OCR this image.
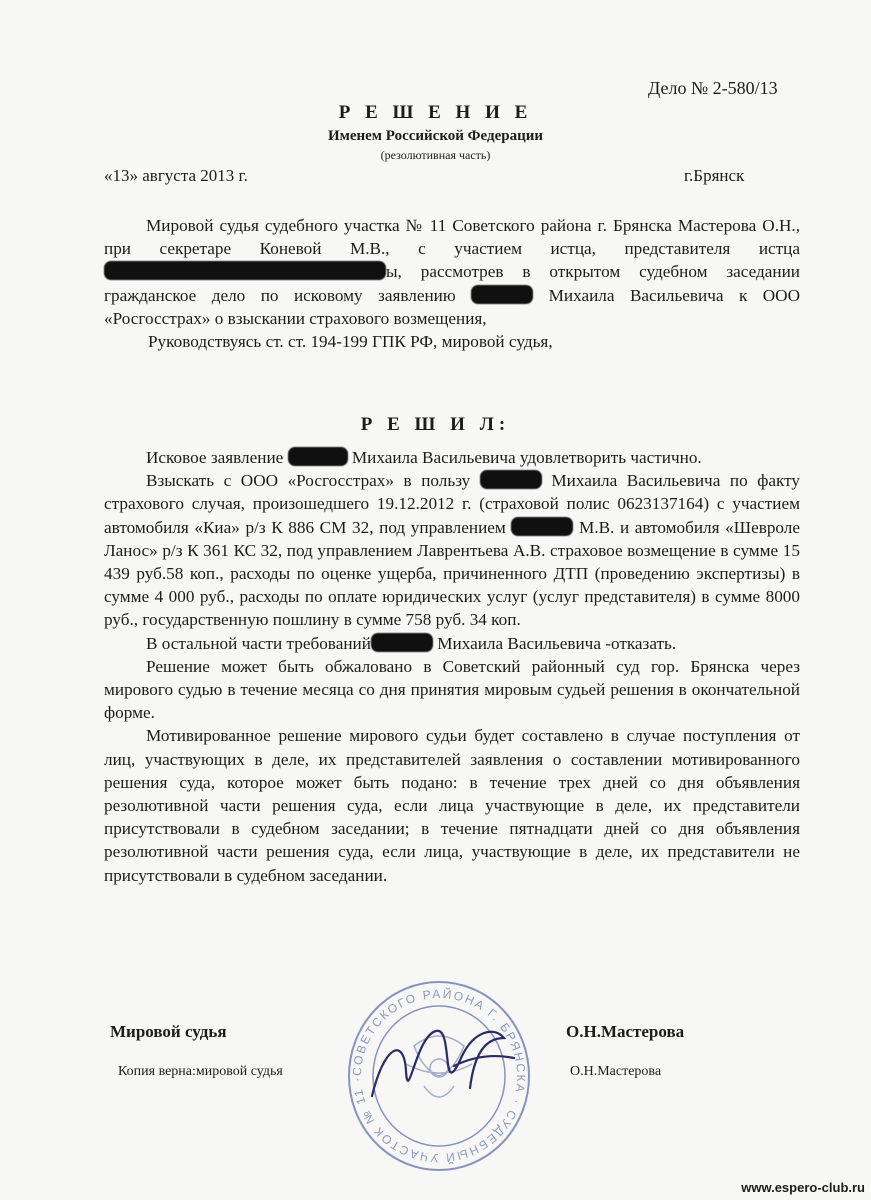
Дело № 2-580/13
Р Е Ш Е Н И Е
Именем Российской Федерации
(резолютивная часть)
«13» августа 2013 г.	г.Брянск

Мировой судья судебного участка № 11 Советского района г. Брянска Мастерова О.Н., при секретаре Коневой М.В., с участием истца, представителя истца ы, рассмотрев в открытом судебном заседании гражданское дело по исковому заявлению	Михаила Васильевича к ООО «Росгосстрах» о взыскании страхового возмещения,

Руководствуясь ст. ст. 194-199 ГПК РФ, мировой судья,

Р Е Ш И Л:

Исковое заявление	Михаила Васильевича удовлетворить частично.

Взыскать с ООО «Росгосстрах» в пользу	Михаила Васильевича по факту страхового случая, произошедшего 19.12.2012 г. (страховой полис 0623137164) с участием автомобиля «Киа» р/з К 886 СМ 32, под управлением	М.В. и автомобиля «Шевроле Ланос» р/з К 361 КС 32, под управлением Лаврентьева А.В. страховое возмещение в сумме 15 439 руб.58 коп., расходы по оценке ущерба, причиненного ДТП (проведению экспертизы) в сумме 4 000 руб., расходы по оплате юридических услуг (услуг представителя) в сумме 8000 руб., государственную пошлину в сумме 758 руб. 34 коп.

В остальной части требований	Михаила Васильевича -отказать.

Решение может быть обжаловано в Советский районный суд гор. Брянска через мирового судью в течение месяца со дня принятия мировым судьей решения в окончательной форме.

Мотивированное решение мирового судьи будет составлено в случае поступления от лиц, участвующих в деле, их представителей заявления о составлении мотивированного решения суда, которое может быть подано: в течение трех дней со дня объявления резолютивной части решения суда, если лица участвующие в деле, их представители присутствовали в судебном заседании; в течение пятнадцати дней со дня объявления резолютивной части решения суда, если лица, участвующие в деле, их представители не присутствовали в судебном заседании.

Мировой судья	О.Н.Мастерова
Копия верна:мировой судья	О.Н.Мастерова
СОВЕТСКОГО РАЙОНА Г. БРЯНСКА · СУДЕБНЫЙ УЧАСТОК № 11 ·
www.espero-club.ru
